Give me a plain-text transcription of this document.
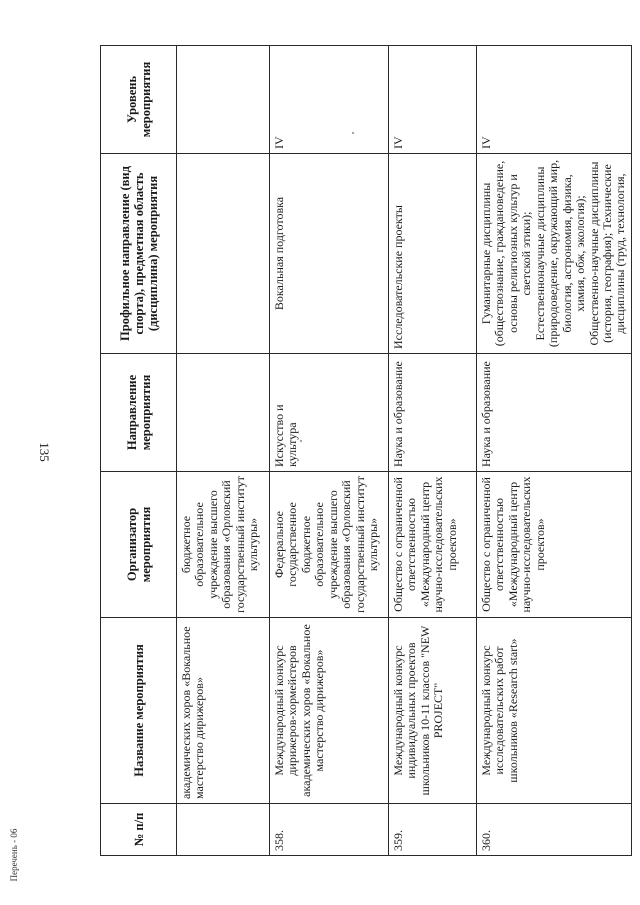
135
Перечень - 06	№ п/п	Название мероприятия	Организатор мероприятия	Направление мероприятия	Профильное направление (вид спорта), предметная область (дисциплина) мероприятия	Уровень мероприятия
	академических хоров «Вокальное мастерство дирижеров»	бюджетное образовательное учреждение высшего образования «Орловский государственный институт культуры»			
358.	Международный конкурс дирижеров-хормейстеров академических хоров «Вокальное мастерство дирижеров»	Федеральное государственное бюджетное образовательное учреждение высшего образования «Орловский государственный институт культуры»	Искусство и культура	Вокальная подготовка	IV
359.	Международный конкурс индивидуальных проектов школьников 10-11 классов "NEW PROJECT"	Общество с ограниченной ответственностью «Международный центр научно-исследовательских проектов»	Наука и образование	Исследовательские проекты	IV
360.	Международный конкурс исследовательских работ школьников «Research start»	Общество с ограниченной ответственностью «Международный центр научно-исследовательских проектов»	Наука и образование	Гуманитарные дисциплины (обществознание, граждановедение, основы религиозных культур и светской этики); Естественнонаучные дисциплины (природоведение, окружающий мир, биология, астрономия, физика, химия, обж, экология); Общественно-научные дисциплины (история, география); Технические дисциплины (труд, технология,	IV
